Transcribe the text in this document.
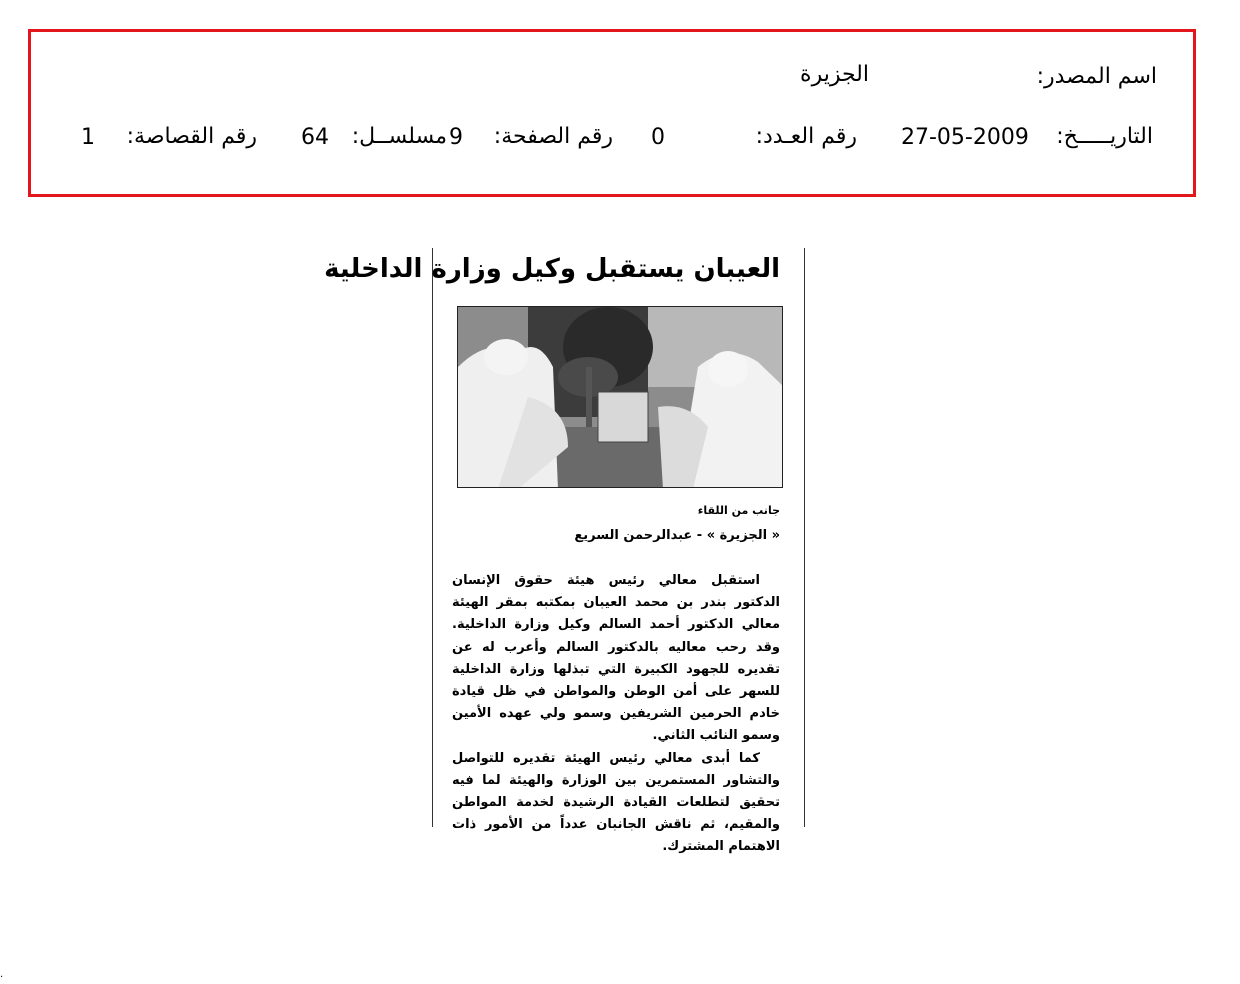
اسم المصدر:
الجزيرة
التاريـــــخ:
27-05-2009
رقم العـدد:
0
رقم الصفحة:
9
مسلســل:
64
رقم القصاصة:
1
العيبان يستقبل وكيل وزارة الداخلية
جانب من اللقاء
« الجزيرة » - عبدالرحمن السريع

استقبل معالي رئيس هيئة حقوق الإنسان الدكتور بندر بن محمد العيبان بمكتبه بمقر الهيئة معالي الدكتور أحمد السالم وكيل وزارة الداخلية. وقد رحب معاليه بالدكتور السالم وأعرب له عن تقديره للجهود الكبيرة التي تبذلها وزارة الداخلية للسهر على أمن الوطن والمواطن في ظل قيادة خادم الحرمين الشريفين وسمو ولي عهده الأمين وسمو النائب الثاني.

كما أبدى معالي رئيس الهيئة تقديره للتواصل والتشاور المستمرين بين الوزارة والهيئة لما فيه تحقيق لتطلعات القيادة الرشيدة لخدمة المواطن والمقيم، ثم ناقش الجانبان عدداً من الأمور ذات الاهتمام المشترك.

.
